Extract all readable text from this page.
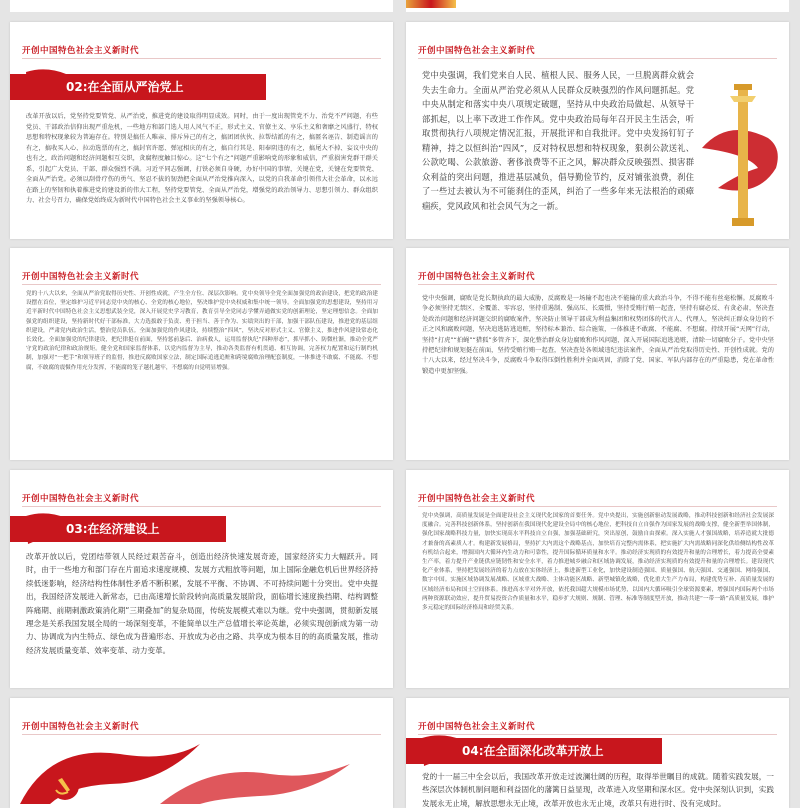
开创中国特色社会主义新时代
02:在全面从严治党上
改革开放以后，党坚持党要管党、从严治党，推进党的建设取得明显成效。同时，由于一度出现管党不力、治党不严问题，有些党员、干部政治信仰出现严重危机，一些地方和部门选人用人风气不正，形式主义、官僚主义、享乐主义和奢靡之风盛行，特权思想和特权现象较为普遍存在。特别是搞任人唯亲、排斥异己的有之，搞团团伙伙、拉帮结派的有之，搞匿名诬告、制造谣言的有之，搞收买人心、拉动选票的有之，搞封官许愿、弹冠相庆的有之，搞自行其是、阳奉阴违的有之，搞尾大不掉、妄议中央的也有之，政治问题和经济问题相互交织，贪腐程度触目惊心。这“七个有之”问题严重影响党的形象和威信，严重损害党群干群关系，引起广大党员、干部、群众强烈不满。习近平同志强调，打铁必须自身硬，办好中国的事情，关键在党，关键在党要管党、全面从严治党。必须以刮骨疗伤的勇气、坚忍不拔的韧劲把全面从严治党推向深入，以党的自我革命引领伟大社会革命，以永远在路上的坚韧和执着推进党的建设新的伟大工程，坚持党要管党、全面从严治党，增强党的政治领导力、思想引领力、群众组织力、社会号召力，确保党始终成为新时代中国特色社会主义事业的坚强领导核心。
开创中国特色社会主义新时代
党中央强调，我们党来自人民、植根人民、服务人民，一旦脱离群众就会失去生命力。全面从严治党必须从人民群众反映强烈的作风问题抓起。党中央从制定和落实中央八项规定破题，坚持从中央政治局做起、从领导干部抓起，以上率下改进工作作风。党中央政治局每年召开民主生活会，听取贯彻执行八项规定情况汇报，开展批评和自我批评。党中央发扬钉钉子精神，持之以恒纠治“四风”，反对特权思想和特权现象，狠刹公款送礼、公款吃喝、公款旅游、奢侈浪费等不正之风，解决群众反映强烈、损害群众利益的突出问题，推进基层减负，倡导勤俭节约，反对铺张浪费，刹住了一些过去被认为不可能刹住的歪风，纠治了一些多年来无法根治的顽瘴痼疾，党风政风和社会风气为之一新。
开创中国特色社会主义新时代
党的十八大以来，全面从严治党取得历史性、开创性成就，产生全方位、深层次影响。党中央领导全党全面加强党的政治建设，把党的政治建设摆在首位，坚定维护习近平同志党中央的核心、全党的核心地位，坚决维护党中央权威和集中统一领导。全面加强党的思想建设，坚持用习近平新时代中国特色社会主义思想武装全党，深入开展党史学习教育，教育引导全党同志学懂弄通做实党的创新理论，坚定理想信念。全面加强党的组织建设，坚持新时代好干部标准，大力选拔敢于负责、勇于担当、善于作为、实绩突出的干部，加强干部队伍建设，推进党的基层组织建设，严肃党内政治生活，整治党员队伍。全面加强党的作风建设，持续整治“四风”，坚决反对形式主义、官僚主义，推进作风建设常态化长效化。全面加强党的纪律建设，把纪律挺在前面，坚持惩前毖后、治病救人，运用监督执纪“四种形态”，抓早抓小、防微杜渐，推动全党严守党的政治纪律和政治规矩。健全党和国家监督体系，以党内监督为主导，推动各类监督有机贯通、相互协调，完善权力配置和运行制约机制，加强对“一把手”和领导班子的监督，推进反腐败国家立法，制定国际追逃追赃和跨境腐败治理配套制度，一体推进不敢腐、不能腐、不想腐，不敢腐的震慑作用充分发挥，不能腐的笼子越扎越牢，不想腐的自觉明显增强。
开创中国特色社会主义新时代
党中央强调，腐败是党长期执政的最大威胁，反腐败是一场输不起也决不能输的重大政治斗争，不得不能有丝毫松懈。反腐败斗争必须坚持无禁区、全覆盖、零容忍，坚持重遏制、强高压、长震慑，坚持受贿行贿一起查，坚持有腐必反、有贪必肃，坚决查处政治问题和经济问题交织的腐败案件，坚决防止领导干部成为利益集团和权势团体的代言人、代理人，坚决纠正群众身边的不正之风和腐败问题，坚决追逃防逃追赃，坚持标本兼治、综合施策，一体推进不敢腐、不能腐、不想腐。持续开展“天网”行动，坚持“打虎”“拍蝇”“猎狐”多管齐下，深化整治群众身边腐败和作风问题，深入开展国际追逃追赃，清除一切腐败分子。党中央坚持把纪律和规矩挺在前面，坚持受贿行贿一起查，坚决查处各领域违纪违法案件，全面从严治党取得历史性、开创性成就。党的十八大以来，经过坚决斗争，反腐败斗争取得压倒性胜利并全面巩固，消除了党、国家、军队内部存在的严重隐患，党在革命性锻造中更加坚强。
开创中国特色社会主义新时代
03:在经济建设上
改革开放以后，党团结带领人民经过艰苦奋斗，创造出经济快速发展奇迹，国家经济实力大幅跃升。同时，由于一些地方和部门存在片面追求速度规模、发展方式粗放等问题，加上国际金融危机后世界经济持续低迷影响，经济结构性体制性矛盾不断积累，发展不平衡、不协调、不可持续问题十分突出。党中央提出，我国经济发展进入新常态，已由高速增长阶段转向高质量发展阶段，面临增长速度换挡期、结构调整阵痛期、前期刺激政策消化期“三期叠加”的复杂局面，传统发展模式难以为继。党中央强调，贯彻新发展理念是关系我国发展全局的一场深刻变革，不能简单以生产总值增长率论英雄，必须实现创新成为第一动力、协调成为内生特点、绿色成为普遍形态、开放成为必由之路、共享成为根本目的的高质量发展，推动经济发展质量变革、效率变革、动力变革。
开创中国特色社会主义新时代
党中央强调，高质量发展是全面建设社会主义现代化国家的首要任务。党中央提出，实施创新驱动发展战略，推动科技创新和经济社会发展深度融合。完善科技创新体系，坚持创新在我国现代化建设全局中的核心地位，把科技自立自强作为国家发展的战略支撑，健全新型举国体制，强化国家战略科技力量，加快实现高水平科技自立自强，加强基础研究，突出原创，鼓励自由探索。深入实施人才强国战略，培养造就大批德才兼备的高素质人才。构建新发展格局，坚持扩大内需这个战略基点，加快培育完整内需体系，把实施扩大内需战略同深化供给侧结构性改革有机结合起来，增强国内大循环内生动力和可靠性，提升国际循环质量和水平。推动经济实现质的有效提升和量的合理增长，着力提高全要素生产率，着力提升产业链供应链韧性和安全水平，着力推进城乡融合和区域协调发展，推动经济实现质的有效提升和量的合理增长。建设现代化产业体系，坚持把发展经济的着力点放在实体经济上，推进新型工业化，加快建设制造强国、质量强国、航天强国、交通强国、网络强国、数字中国。实施区域协调发展战略、区域重大战略、主体功能区战略、新型城镇化战略，优化重大生产力布局，构建优势互补、高质量发展的区域经济布局和国土空间体系。推进高水平对外开放，依托我国超大规模市场优势，以国内大循环吸引全球资源要素，增强国内国际两个市场两种资源联动效应，提升贸易投资合作质量和水平，稳步扩大规则、规制、管理、标准等制度型开放，推动共建“一带一路”高质量发展，维护多元稳定的国际经济格局和经贸关系。
开创中国特色社会主义新时代	开创中国特色社会主义新时代
04:在全面深化改革开放上
党的十一届三中全会以后，我国改革开放走过波澜壮阔的历程，取得举世瞩目的成就。随着实践发展，一些深层次体制机制问题和利益固化的藩篱日益显现，改革进入攻坚期和深水区。党中央深刻认识到，实践发展永无止境，解放思想永无止境，改革开放也永无止境，改革只有进行时、没有完成时。
